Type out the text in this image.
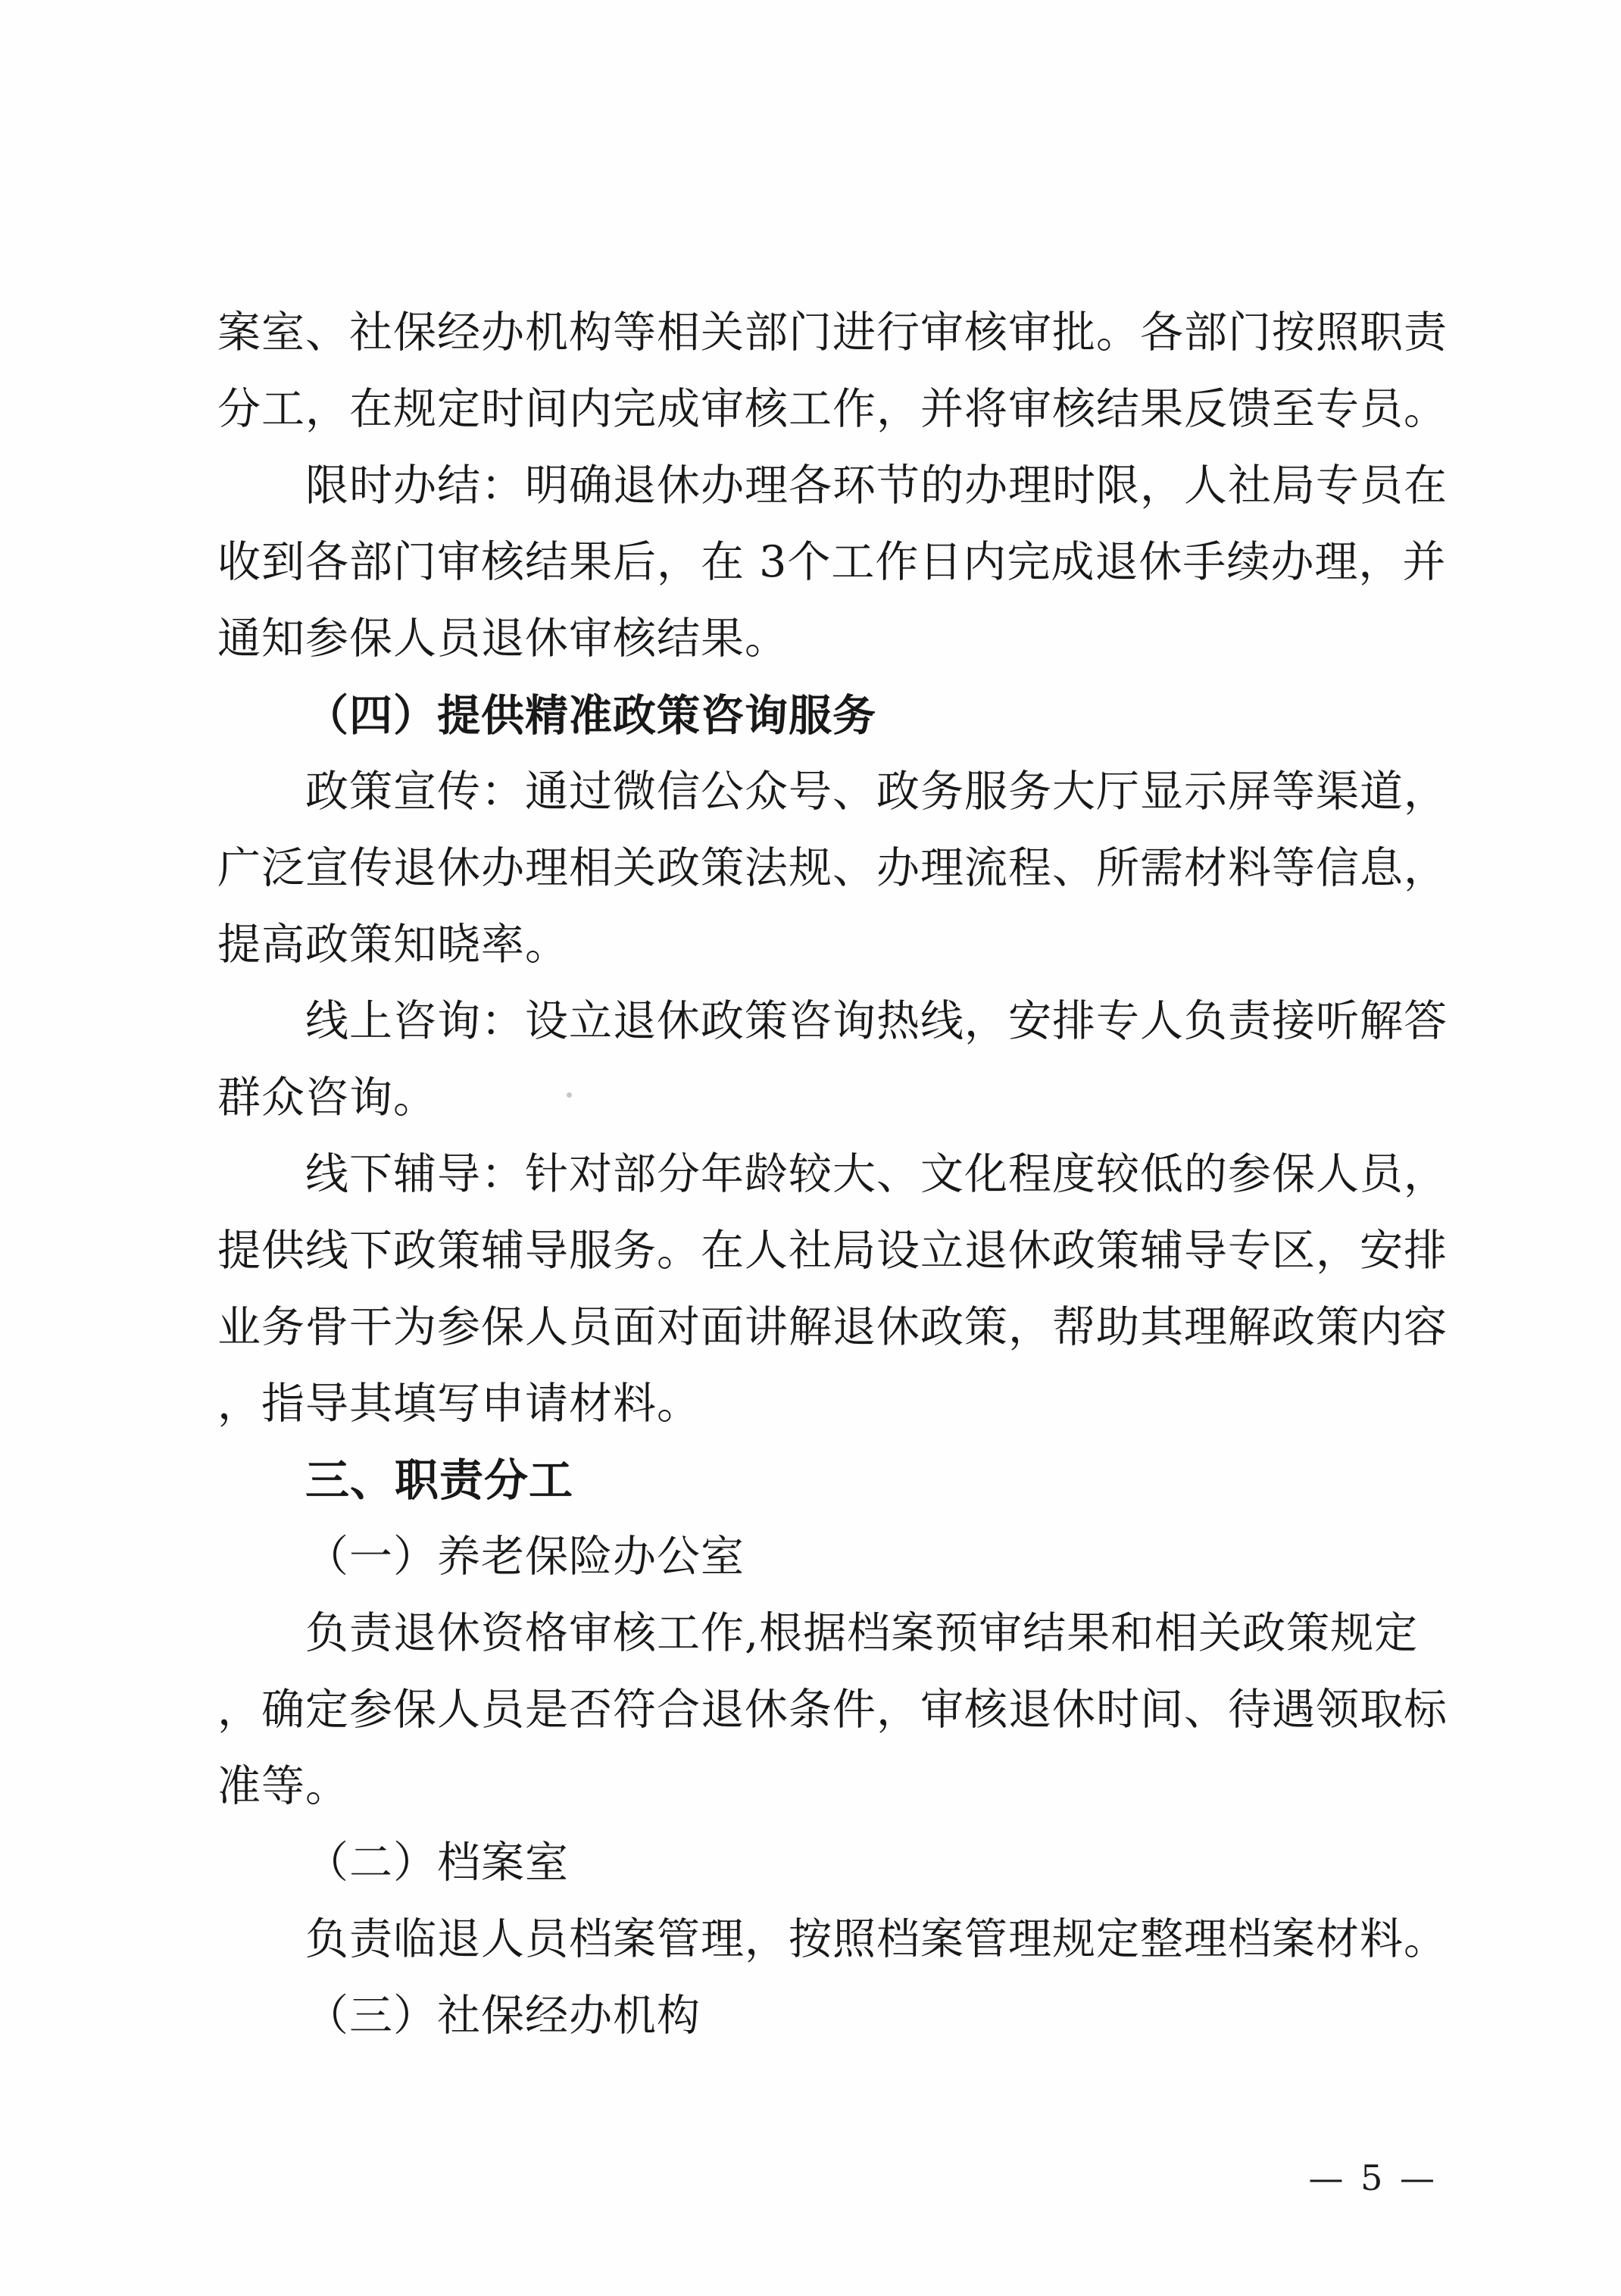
案室、社保经办机构等相关部门进行审核审批。各部门按照职责
分工，在规定时间内完成审核工作，并将审核结果反馈至专员。
限时办结：明确退休办理各环节的办理时限，人社局专员在
收到各部门审核结果后，在 3个工作日内完成退休手续办理，并
通知参保人员退休审核结果。
（四）提供精准政策咨询服务
政策宣传：通过微信公众号、政务服务大厅显示屏等渠道，
广泛宣传退休办理相关政策法规、办理流程、所需材料等信息，
提高政策知晓率。
线上咨询：设立退休政策咨询热线，安排专人负责接听解答
群众咨询。
线下辅导：针对部分年龄较大、文化程度较低的参保人员，
提供线下政策辅导服务。在人社局设立退休政策辅导专区，安排
业务骨干为参保人员面对面讲解退休政策，帮助其理解政策内容
，指导其填写申请材料。
三、职责分工
（一）养老保险办公室
负责退休资格审核工作,根据档案预审结果和相关政策规定
，确定参保人员是否符合退休条件，审核退休时间、待遇领取标
准等。
（二）档案室
负责临退人员档案管理，按照档案管理规定整理档案材料。
（三）社保经办机构
— 5 —
